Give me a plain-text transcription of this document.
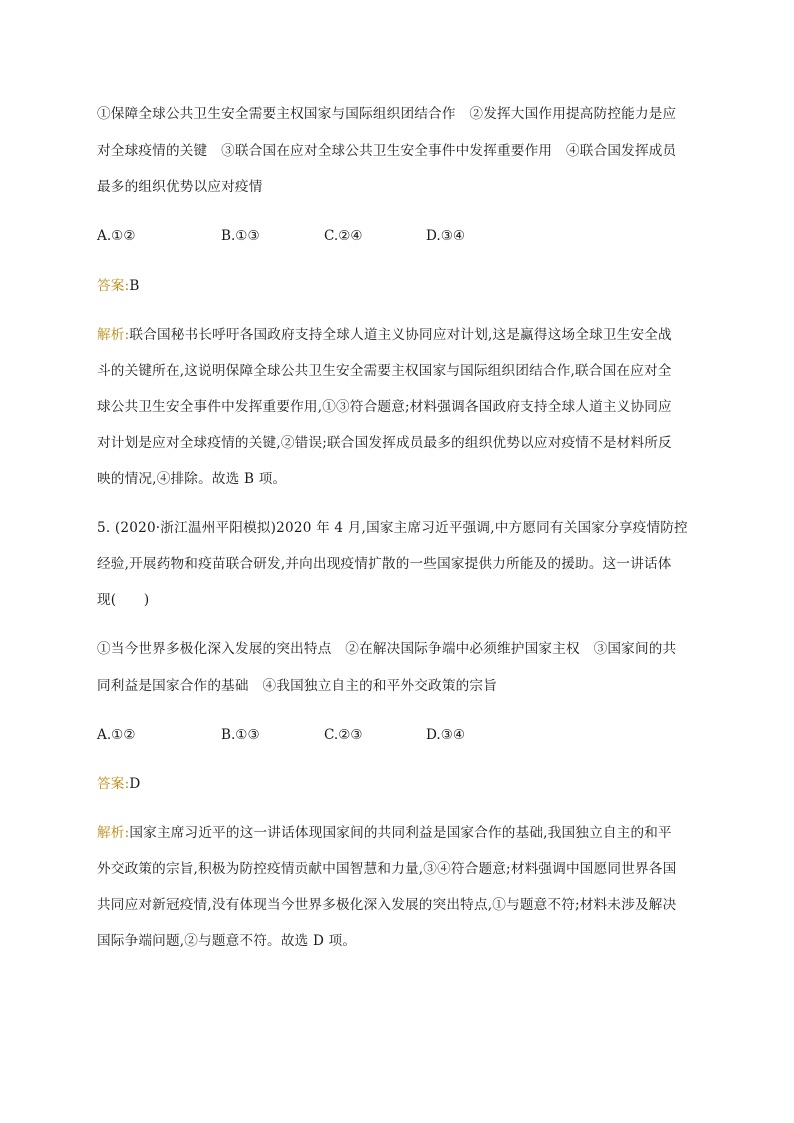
①保障全球公共卫生安全需要主权国家与国际组织团结合作　②发挥大国作用提高防控能力是应
对全球疫情的关键　③联合国在应对全球公共卫生安全事件中发挥重要作用　④联合国发挥成员
最多的组织优势以应对疫情
A.①②	B.①③	C.②④	D.③④
答案:B
解析:联合国秘书长呼吁各国政府支持全球人道主义协同应对计划,这是赢得这场全球卫生安全战
斗的关键所在,这说明保障全球公共卫生安全需要主权国家与国际组织团结合作,联合国在应对全
球公共卫生安全事件中发挥重要作用,①③符合题意;材料强调各国政府支持全球人道主义协同应
对计划是应对全球疫情的关键,②错误;联合国发挥成员最多的组织优势以应对疫情不是材料所反
映的情况,④排除。故选 B 项。
5. (2020·浙江温州平阳模拟)2020 年 4 月,国家主席习近平强调,中方愿同有关国家分享疫情防控
经验,开展药物和疫苗联合研发,并向出现疫情扩散的一些国家提供力所能及的援助。这一讲话体
现(　　)
①当今世界多极化深入发展的突出特点　②在解决国际争端中必须维护国家主权　③国家间的共
同利益是国家合作的基础　④我国独立自主的和平外交政策的宗旨
A.①②	B.①③	C.②③	D.③④
答案:D
解析:国家主席习近平的这一讲话体现国家间的共同利益是国家合作的基础,我国独立自主的和平
外交政策的宗旨,积极为防控疫情贡献中国智慧和力量,③④符合题意;材料强调中国愿同世界各国
共同应对新冠疫情,没有体现当今世界多极化深入发展的突出特点,①与题意不符;材料未涉及解决
国际争端问题,②与题意不符。故选 D 项。
